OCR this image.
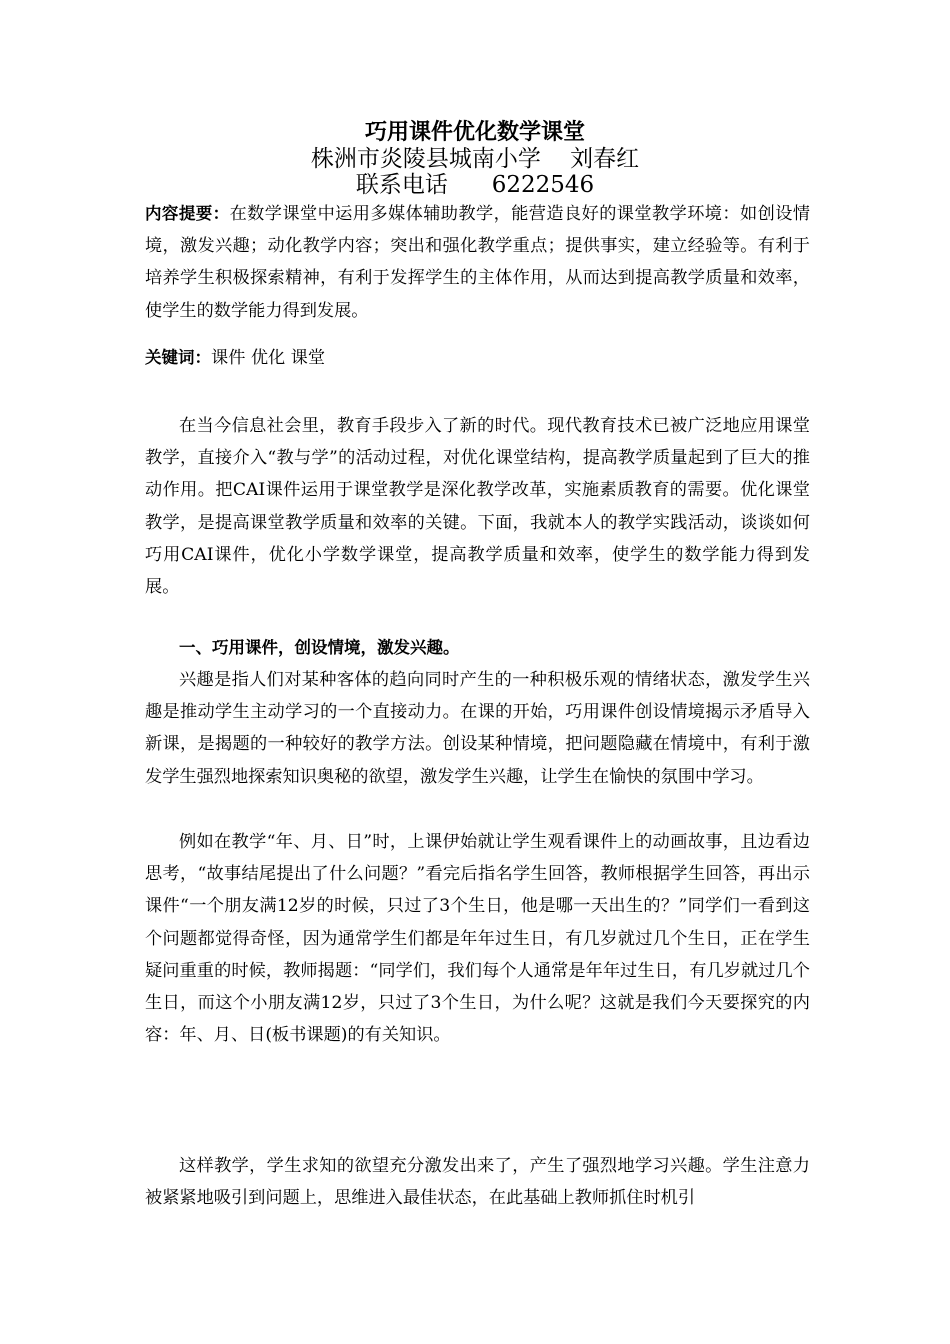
巧用课件优化数学课堂
株洲市炎陵县城南小学    刘春红
联系电话      6222546

内容提要：在数学课堂中运用多媒体辅助教学，能营造良好的课堂教学环境：如创设情境，激发兴趣；动化教学内容；突出和强化教学重点；提供事实，建立经验等。有利于培养学生积极探索精神，有利于发挥学生的主体作用，从而达到提高教学质量和效率，使学生的数学能力得到发展。

关键词：课件 优化 课堂

在当今信息社会里，教育手段步入了新的时代。现代教育技术已被广泛地应用课堂教学，直接介入“教与学”的活动过程，对优化课堂结构，提高教学质量起到了巨大的推动作用。把CAI课件运用于课堂教学是深化教学改革，实施素质教育的需要。优化课堂教学，是提高课堂教学质量和效率的关键。下面，我就本人的教学实践活动，谈谈如何巧用CAI课件，优化小学数学课堂，提高教学质量和效率，使学生的数学能力得到发展。

一、巧用课件，创设情境，激发兴趣。

兴趣是指人们对某种客体的趋向同时产生的一种积极乐观的情绪状态，激发学生兴趣是推动学生主动学习的一个直接动力。在课的开始，巧用课件创设情境揭示矛盾导入新课，是揭题的一种较好的教学方法。创设某种情境，把问题隐藏在情境中，有利于激发学生强烈地探索知识奥秘的欲望，激发学生兴趣，让学生在愉快的氛围中学习。

例如在教学“年、月、日”时，上课伊始就让学生观看课件上的动画故事，且边看边思考，“故事结尾提出了什么问题？”看完后指名学生回答，教师根据学生回答，再出示课件“一个朋友满12岁的时候，只过了3个生日，他是哪一天出生的？”同学们一看到这个问题都觉得奇怪，因为通常学生们都是年年过生日，有几岁就过几个生日，正在学生疑问重重的时候，教师揭题：“同学们，我们每个人通常是年年过生日，有几岁就过几个生日，而这个小朋友满12岁，只过了3个生日，为什么呢？这就是我们今天要探究的内容：年、月、日(板书课题)的有关知识。

这样教学，学生求知的欲望充分激发出来了，产生了强烈地学习兴趣。学生注意力被紧紧地吸引到问题上，思维进入最佳状态，在此基础上教师抓住时机引
